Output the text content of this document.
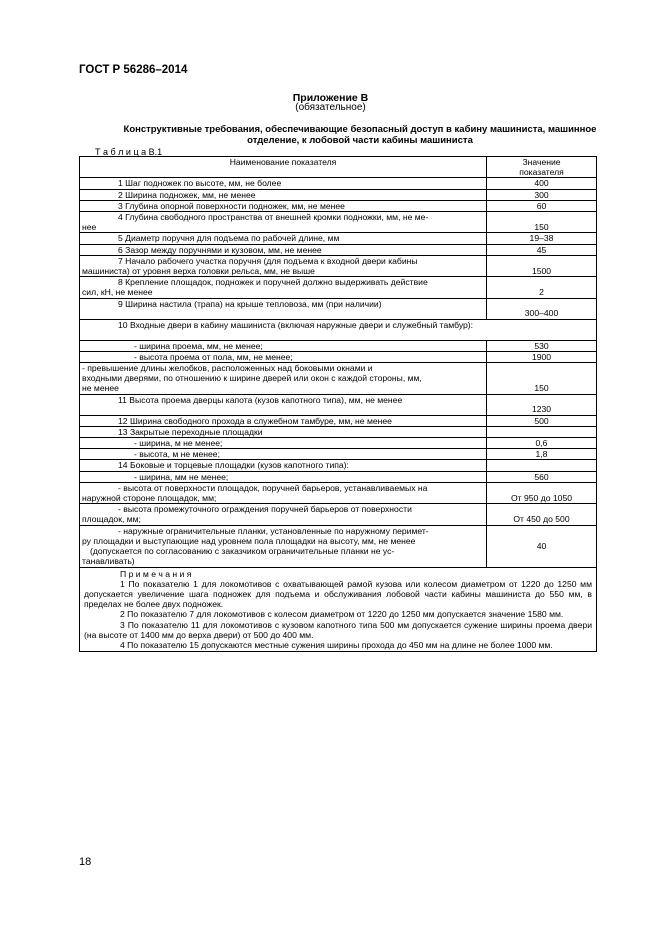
ГОСТ Р 56286–2014
Приложение В
(обязательное)
Конструктивные требования, обеспечивающие безопасный доступ в кабину машиниста, машинное
отделение, к лобовой части кабины машиниста
Т а б л и ц а В.1
Наименование показателя	Значение
показателя

1 Шаг подножек по высоте, мм, не более	400
2 Ширина подножек, мм, не менее	300
3 Глубина опорной поверхности подножек, мм, не менее	60

4 Глубина свободного пространства от внешней кромки подножки, мм, не ме-
нее	150
5 Диаметр поручня для подъема по рабочей длине, мм	19–38
6 Зазор между поручнями и кузовом, мм, не менее	45

7 Начало рабочего участка поручня (для подъема к входной двери кабины
машиниста) от уровня верха головки рельса, мм, не выше	1500

8 Крепление площадок, подножек и поручней должно выдерживать действие
сил, кН, не менее	2
9 Ширина настила (трапа) на крыше тепловоза, мм (при наличии)	300–400
10 Входные двери в кабину машиниста (включая наружные двери и служебный тамбур):	
- ширина проема, мм, не менее;	530
- высота проема от пола, мм, не менее;	1900

- превышение длины желобков, расположенных над боковыми окнами и
входными дверями, по отношению к ширине дверей или окон с каждой стороны, мм,
не менее	150
11 Высота проема дверцы капота (кузов капотного типа), мм, не менее	1230
12 Ширина свободного прохода в служебном тамбуре, мм, не менее	500
13 Закрытые переходные площадки	
- ширина, м не менее;	0,6
- высота, м не менее;	1,8
14 Боковые и торцевые площадки (кузов капотного типа):	
- ширина, мм не менее;	560

- высота от поверхности площадок, поручней барьеров, устанавливаемых на
наружной стороне площадок, мм;	От 950 до 1050

- высота промежуточного ограждения поручней барьеров от поверхности
площадок, мм;	От 450 до 500

- наружные ограничительные планки, установленные по наружному перимет-
ру площадки и выступающие над уровнем пола площадки на высоту, мм, не менее
(допускается по согласованию с заказчиком ограничительные планки не ус-
танавливать)	40

П р и м е ч а н и я
1 По показателю 1 для локомотивов с охватывающей рамой кузова или колесом диаметром от 1220 до 1250 мм допускается увеличение шага подножек для подъема и обслуживания лобовой части кабины машиниста до 550 мм, в пределах не более двух подножек.
2 По показателю 7 для локомотивов с колесом диаметром от 1220 до 1250 мм допускается значение 1580 мм.
3 По показателю 11 для локомотивов с кузовом капотного типа 500 мм допускается сужение ширины проема двери (на высоте от 1400 мм до верха двери) от 500 до 400 мм.
4 По показателю 15 допускаются местные сужения ширины прохода до 450 мм на длине не более 1000 мм.	
18
